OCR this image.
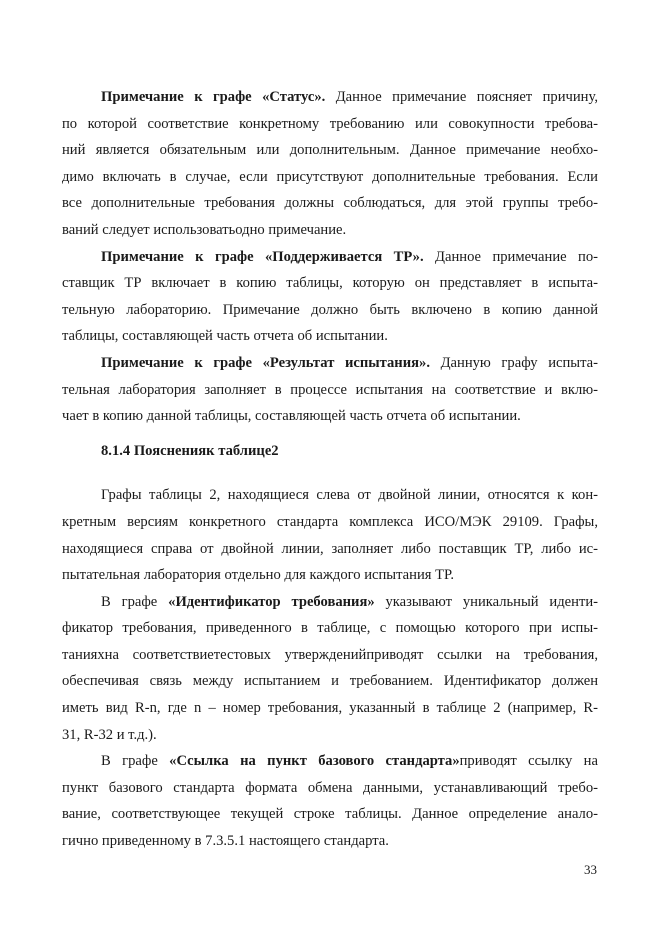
Примечание к графе «Статус». Данное примечание поясняет причину,
по которой соответствие конкретному требованию или совокупности требова-
ний является обязательным или дополнительным. Данное примечание необхо-
димо включать в случае, если присутствуют дополнительные требования. Если
все дополнительные требования должны соблюдаться, для этой группы требо-
ваний следует использоватьодно примечание.
Примечание к графе «Поддерживается ТР». Данное примечание по-
ставщик ТР включает в копию таблицы, которую он представляет в испыта-
тельную лабораторию. Примечание должно быть включено в копию данной
таблицы, составляющей часть отчета об испытании.
Примечание к графе «Результат испытания». Данную графу испыта-
тельная лаборатория заполняет в процессе испытания на соответствие и вклю-
чает в копию данной таблицы, составляющей часть отчета об испытании.
8.1.4 Поясненияк таблице2
Графы таблицы 2, находящиеся слева от двойной линии, относятся к кон-
кретным версиям конкретного стандарта комплекса ИСО/МЭК 29109. Графы,
находящиеся справа от двойной линии, заполняет либо поставщик ТР, либо ис-
пытательная лаборатория отдельно для каждого испытания ТР.
В графе «Идентификатор требования» указывают уникальный иденти-
фикатор требования, приведенного в таблице, с помощью которого при испы-
танияхна соответствиетестовых утвержденийприводят ссылки на требования,
обеспечивая связь между испытанием и требованием. Идентификатор должен
иметь вид R-n, где n – номер требования, указанный в таблице 2 (например, R-
31, R-32 и т.д.).
В графе «Ссылка на пункт базового стандарта»приводят ссылку на
пункт базового стандарта формата обмена данными, устанавливающий требо-
вание, соответствующее текущей строке таблицы. Данное определение анало-
гично приведенному в 7.3.5.1 настоящего стандарта.
33
